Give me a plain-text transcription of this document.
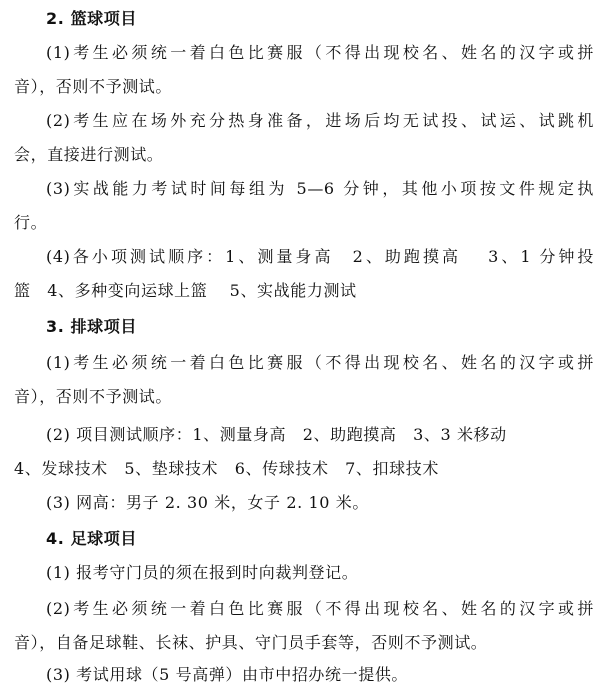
2. 篮球项目
(1)考生必须统一着白色比赛服（不得出现校名、姓名的汉字或拼
音），否则不予测试。
(2)考生应在场外充分热身准备，进场后均无试投、试运、试跳机
会，直接进行测试。
(3)实战能力考试时间每组为 5—6 分钟，其他小项按文件规定执
行。
(4)各小项测试顺序：1、测量身高　2、助跑摸高　 3、1 分钟投
篮　4、多种变向运球上篮　 5、实战能力测试
3. 排球项目
(1)考生必须统一着白色比赛服（不得出现校名、姓名的汉字或拼
音），否则不予测试。
(2) 项目测试顺序：1、测量身高　2、助跑摸高　3、3 米移动
4、发球技术　5、垫球技术　6、传球技术　7、扣球技术
(3) 网高：男子 2. 30 米，女子 2. 10 米。
4. 足球项目
(1) 报考守门员的须在报到时向裁判登记。
(2)考生必须统一着白色比赛服（不得出现校名、姓名的汉字或拼
音），自备足球鞋、长袜、护具、守门员手套等，否则不予测试。
(3) 考试用球（5 号高弹）由市中招办统一提供。
